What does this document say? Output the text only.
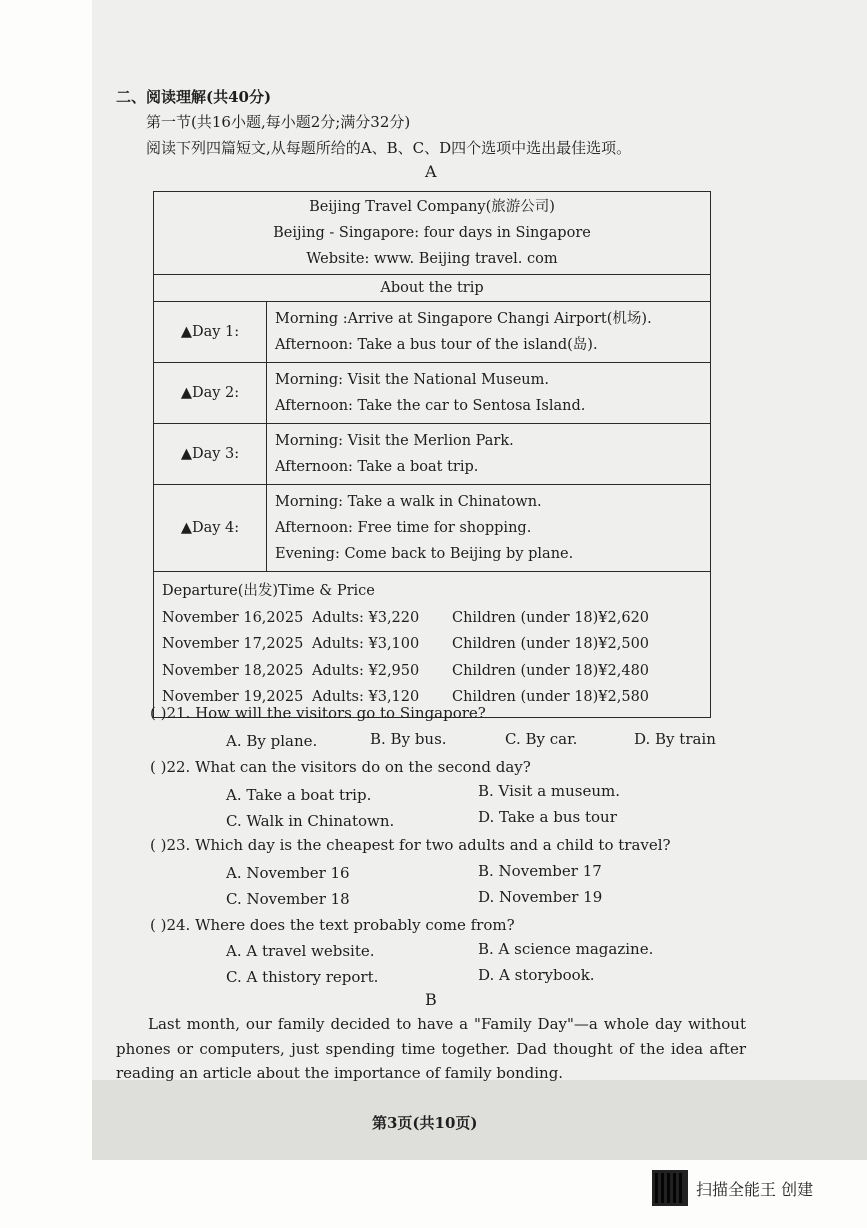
二、阅读理解(共40分)
第一节(共16小题,每小题2分;满分32分)
阅读下列四篇短文,从每题所给的A、B、C、D四个选项中选出最佳选项。
A
Beijing Travel Company(旅游公司)
Beijing - Singapore: four days in Singapore
Website: www. Beijing travel. com	

About the trip	
▲Day 1:	Morning :Arrive at Singapore Changi Airport(机场).
Afternoon: Take a bus tour of the island(岛).

▲Day 2:	Morning: Visit the National Museum.
Afternoon: Take the car to Sentosa Island.

▲Day 3:	Morning: Visit the Merlion Park.
Afternoon: Take a boat trip.

▲Day 4:	Morning: Take a walk in Chinatown.
Afternoon: Free time for shopping.
Evening: Come back to Beijing by plane.

Departure(出发)Time & Price
November 16,2025 Adults: ¥3,220 Children (under 18)¥2,620
November 17,2025 Adults: ¥3,100 Children (under 18)¥2,500
November 18,2025 Adults: ¥2,950 Children (under 18)¥2,480
November 19,2025 Adults: ¥3,120 Children (under 18)¥2,580	
( )21. How will the visitors go to Singapore?
A. By plane.	B. By bus.	C. By car.	D. By train
( )22. What can the visitors do on the second day?
A. Take a boat trip.	B. Visit a museum.
C. Walk in Chinatown.	D. Take a bus tour
( )23. Which day is the cheapest for two adults and a child to travel?
A. November 16	B. November 17
C. November 18	D. November 19
( )24. Where does the text probably come from?
A. A travel website.	B. A science magazine.
C. A thistory report.	D. A storybook.
B
Last month, our family decided to have a "Family Day"—a whole day without phones or computers, just spending time together. Dad thought of the idea after reading an article about the importance of family bonding.
第3页(共10页)
扫描全能王 创建
